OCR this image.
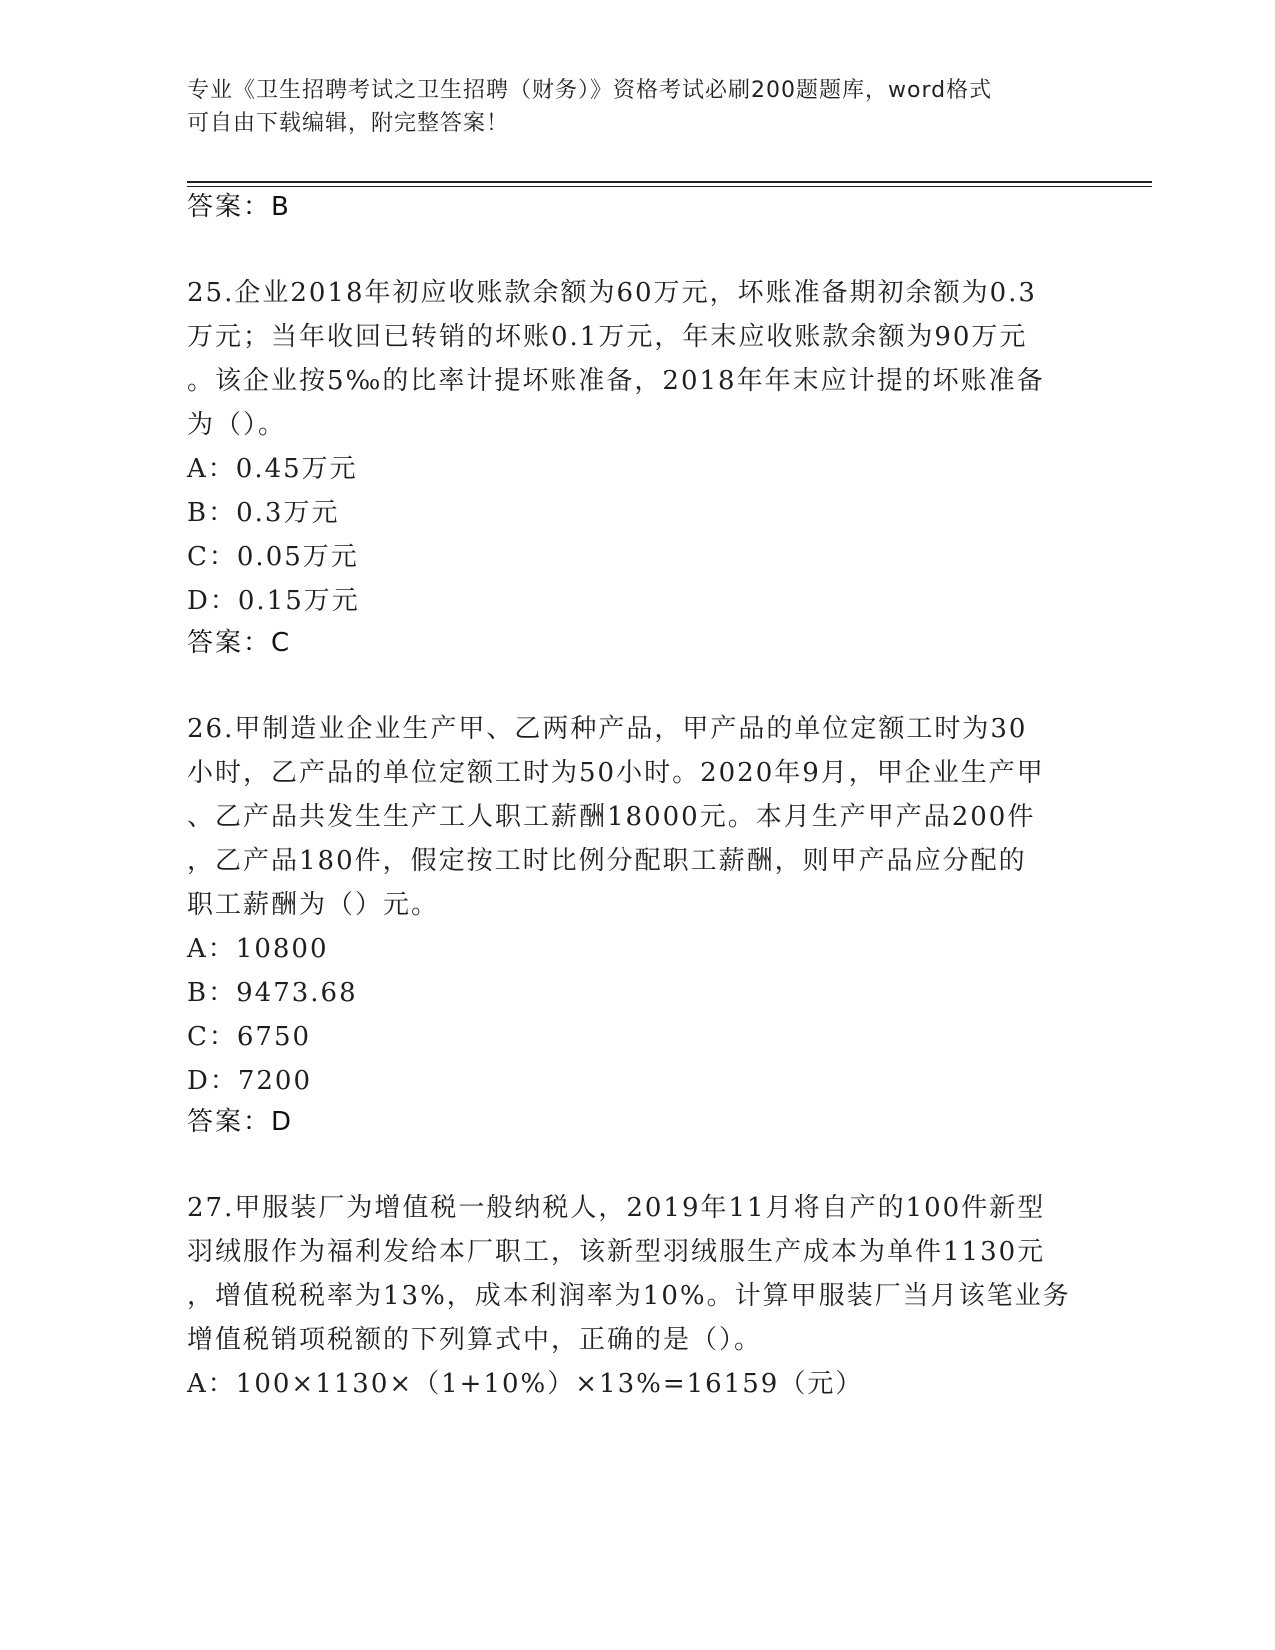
专业《卫生招聘考试之卫生招聘（财务）》资格考试必刷200题题库，word格式
可自由下载编辑，附完整答案！
答案：B
25.企业2018年初应收账款余额为60万元，坏账准备期初余额为0.3
万元；当年收回已转销的坏账0.1万元，年末应收账款余额为90万元
。该企业按5‰的比率计提坏账准备，2018年年末应计提的坏账准备
为（）。
A：0.45万元
B：0.3万元
C：0.05万元
D：0.15万元
答案：C
26.甲制造业企业生产甲、乙两种产品，甲产品的单位定额工时为30
小时，乙产品的单位定额工时为50小时。2020年9月，甲企业生产甲
、乙产品共发生生产工人职工薪酬18000元。本月生产甲产品200件
，乙产品180件，假定按工时比例分配职工薪酬，则甲产品应分配的
职工薪酬为（）元。
A：10800
B：9473.68
C：6750
D：7200
答案：D
27.甲服装厂为增值税一般纳税人，2019年11月将自产的100件新型
羽绒服作为福利发给本厂职工，该新型羽绒服生产成本为单件1130元
，增值税税率为13%，成本利润率为10%。计算甲服装厂当月该笔业务
增值税销项税额的下列算式中，正确的是（）。
A：100×1130×（1+10%）×13%=16159（元）
